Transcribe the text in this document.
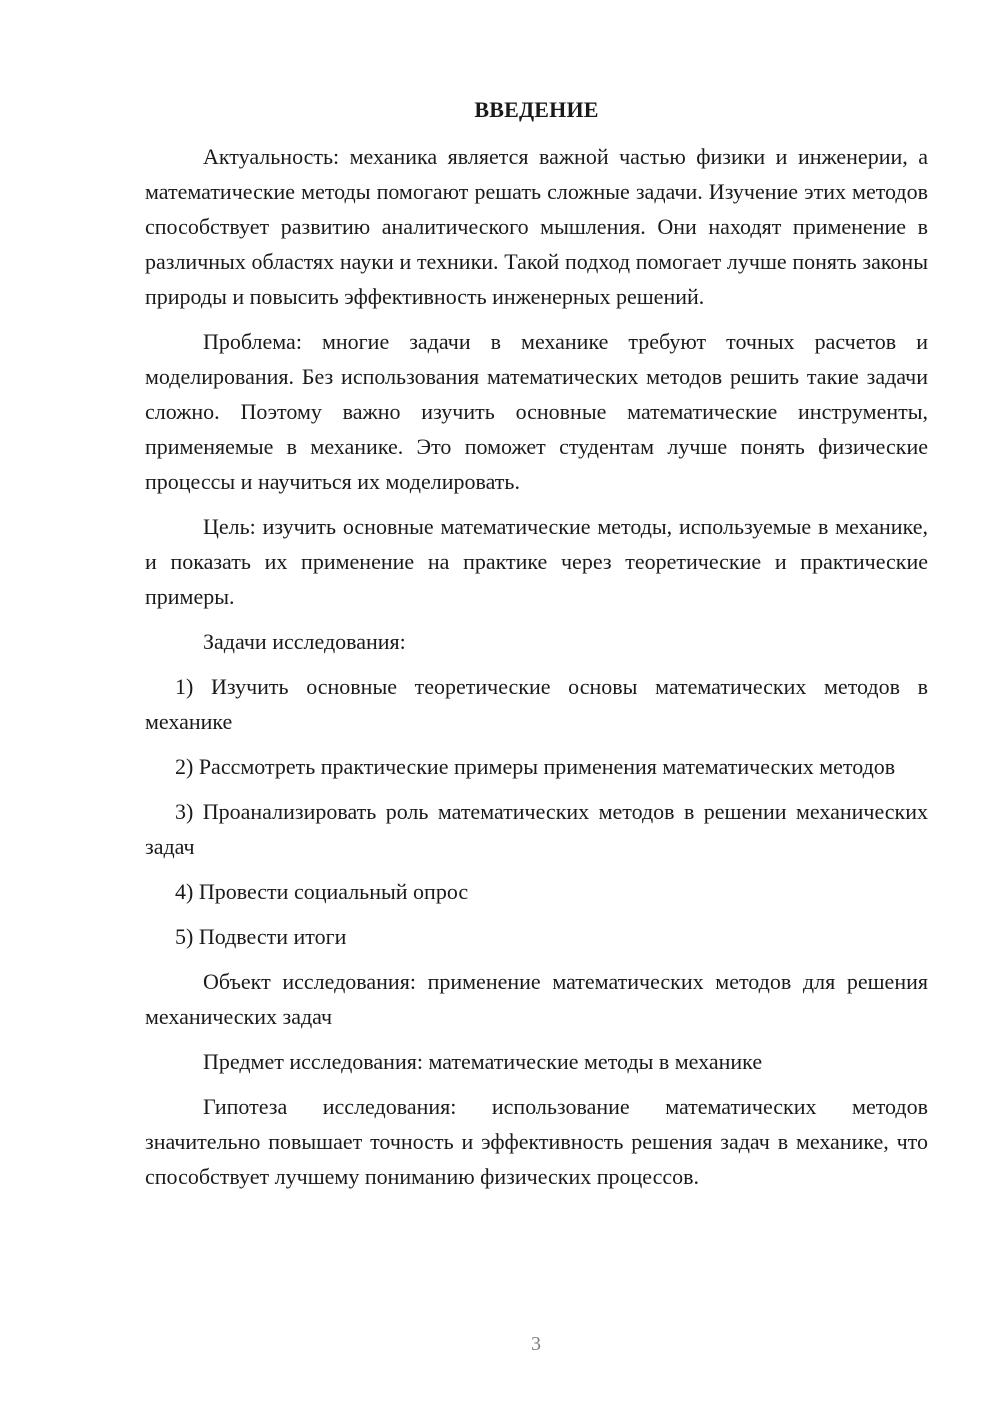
ВВЕДЕНИЕ

Актуальность: механика является важной частью физики и инженерии, а математические методы помогают решать сложные задачи. Изучение этих методов способствует развитию аналитического мышления. Они находят применение в различных областях науки и техники. Такой подход помогает лучше понять законы природы и повысить эффективность инженерных решений.

Проблема: многие задачи в механике требуют точных расчетов и моделирования. Без использования математических методов решить такие задачи сложно. Поэтому важно изучить основные математические инструменты, применяемые в механике. Это поможет студентам лучше понять физические процессы и научиться их моделировать.

Цель: изучить основные математические методы, используемые в механике, и показать их применение на практике через теоретические и практические примеры.

Задачи исследования:

1) Изучить основные теоретические основы математических методов в механике

2) Рассмотреть практические примеры применения математических методов

3) Проанализировать роль математических методов в решении механических задач

4) Провести социальный опрос

5) Подвести итоги

Объект исследования: применение математических методов для решения механических задач

Предмет исследования: математические методы в механике

Гипотеза исследования: использование математических методов значительно повышает точность и эффективность решения задач в механике, что способствует лучшему пониманию физических процессов.

3
